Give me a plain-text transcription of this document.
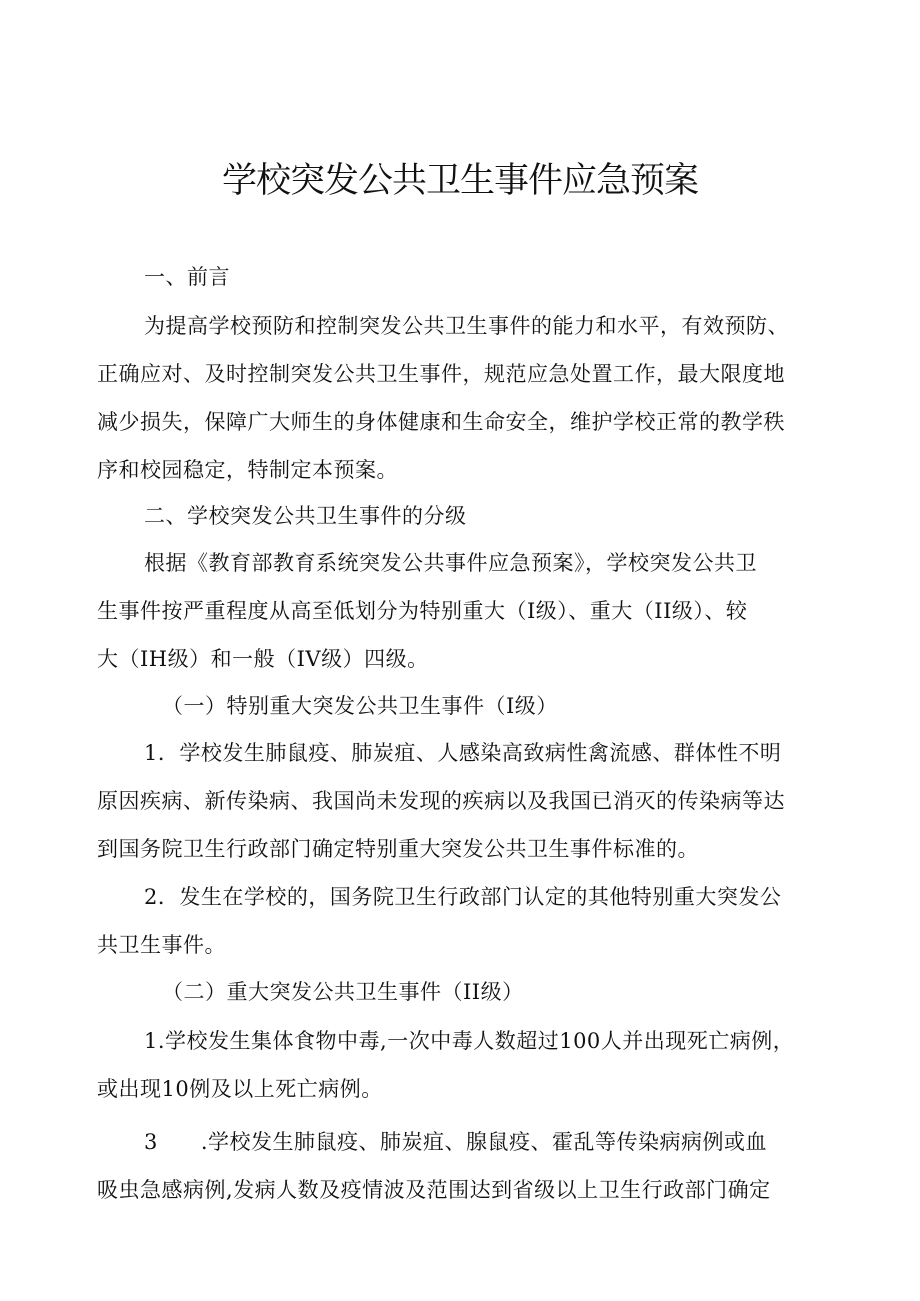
学校突发公共卫生事件应急预案
一、前言
为提高学校预防和控制突发公共卫生事件的能力和水平，有效预防、
正确应对、及时控制突发公共卫生事件，规范应急处置工作，最大限度地
减少损失，保障广大师生的身体健康和生命安全，维护学校正常的教学秩
序和校园稳定，特制定本预案。
二、学校突发公共卫生事件的分级
根据《教育部教育系统突发公共事件应急预案》，学校突发公共卫
生事件按严重程度从高至低划分为特别重大（I级）、重大（II级）、较
大（IH级）和一般（IV级）四级。
（一）特别重大突发公共卫生事件（I级）
1．学校发生肺鼠疫、肺炭疽、人感染高致病性禽流感、群体性不明
原因疾病、新传染病、我国尚未发现的疾病以及我国已消灭的传染病等达
到国务院卫生行政部门确定特别重大突发公共卫生事件标准的。
2．发生在学校的，国务院卫生行政部门认定的其他特别重大突发公
共卫生事件。
（二）重大突发公共卫生事件（II级）
1.学校发生集体食物中毒,一次中毒人数超过100人并出现死亡病例，
或出现10例及以上死亡病例。
3　　.学校发生肺鼠疫、肺炭疽、腺鼠疫、霍乱等传染病病例或血
吸虫急感病例,发病人数及疫情波及范围达到省级以上卫生行政部门确定
